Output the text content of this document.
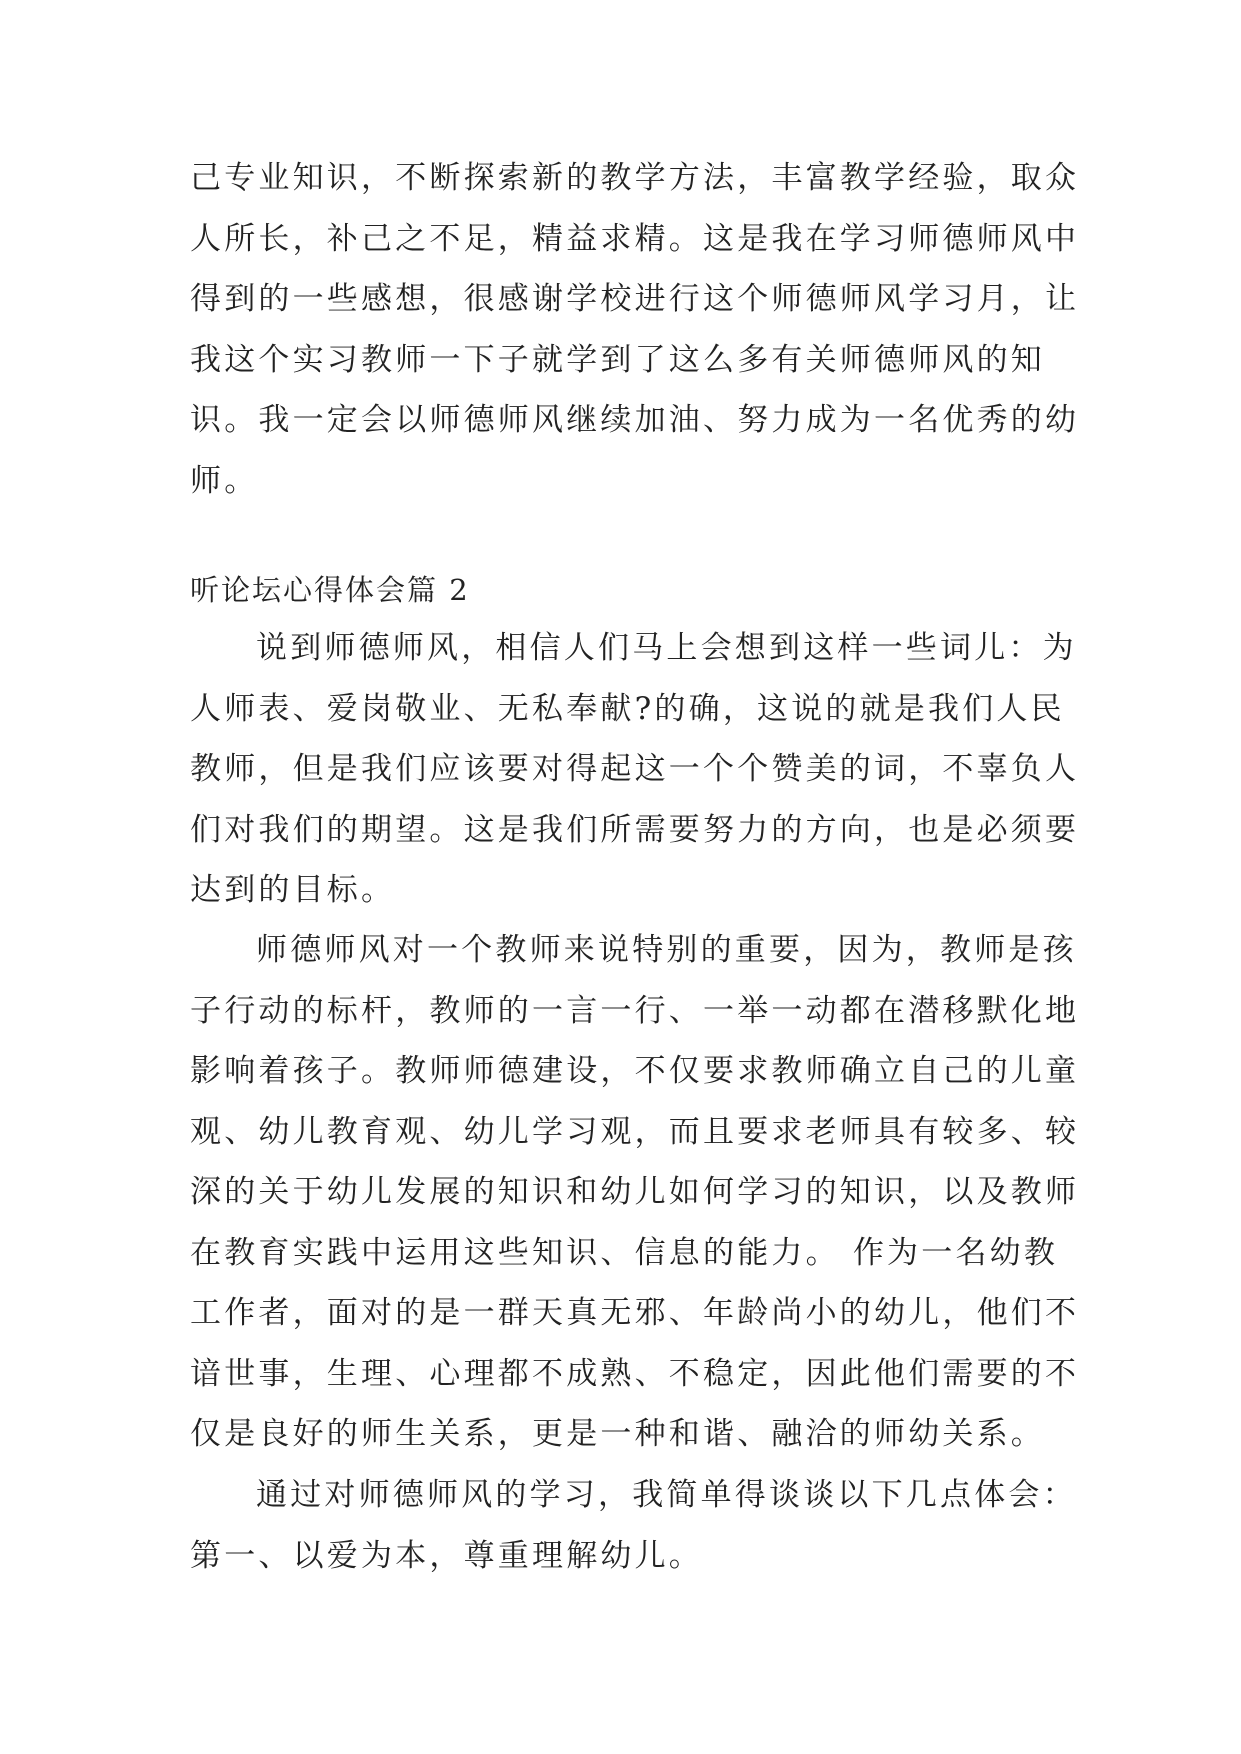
己专业知识，不断探索新的教学方法，丰富教学经验，取众
人所长，补己之不足，精益求精。这是我在学习师德师风中
得到的一些感想，很感谢学校进行这个师德师风学习月，让
我这个实习教师一下子就学到了这么多有关师德师风的知
识。我一定会以师德师风继续加油、努力成为一名优秀的幼
师。
听论坛心得体会篇 2
说到师德师风，相信人们马上会想到这样一些词儿：为
人师表、爱岗敬业、无私奉献?的确，这说的就是我们人民
教师，但是我们应该要对得起这一个个赞美的词，不辜负人
们对我们的期望。这是我们所需要努力的方向，也是必须要
达到的目标。
师德师风对一个教师来说特别的重要，因为，教师是孩
子行动的标杆，教师的一言一行、一举一动都在潜移默化地
影响着孩子。教师师德建设，不仅要求教师确立自己的儿童
观、幼儿教育观、幼儿学习观，而且要求老师具有较多、较
深的关于幼儿发展的知识和幼儿如何学习的知识，以及教师
在教育实践中运用这些知识、信息的能力。 作为一名幼教
工作者，面对的是一群天真无邪、年龄尚小的幼儿，他们不
谙世事，生理、心理都不成熟、不稳定，因此他们需要的不
仅是良好的师生关系，更是一种和谐、融洽的师幼关系。
通过对师德师风的学习，我简单得谈谈以下几点体会：
第一、以爱为本，尊重理解幼儿。
